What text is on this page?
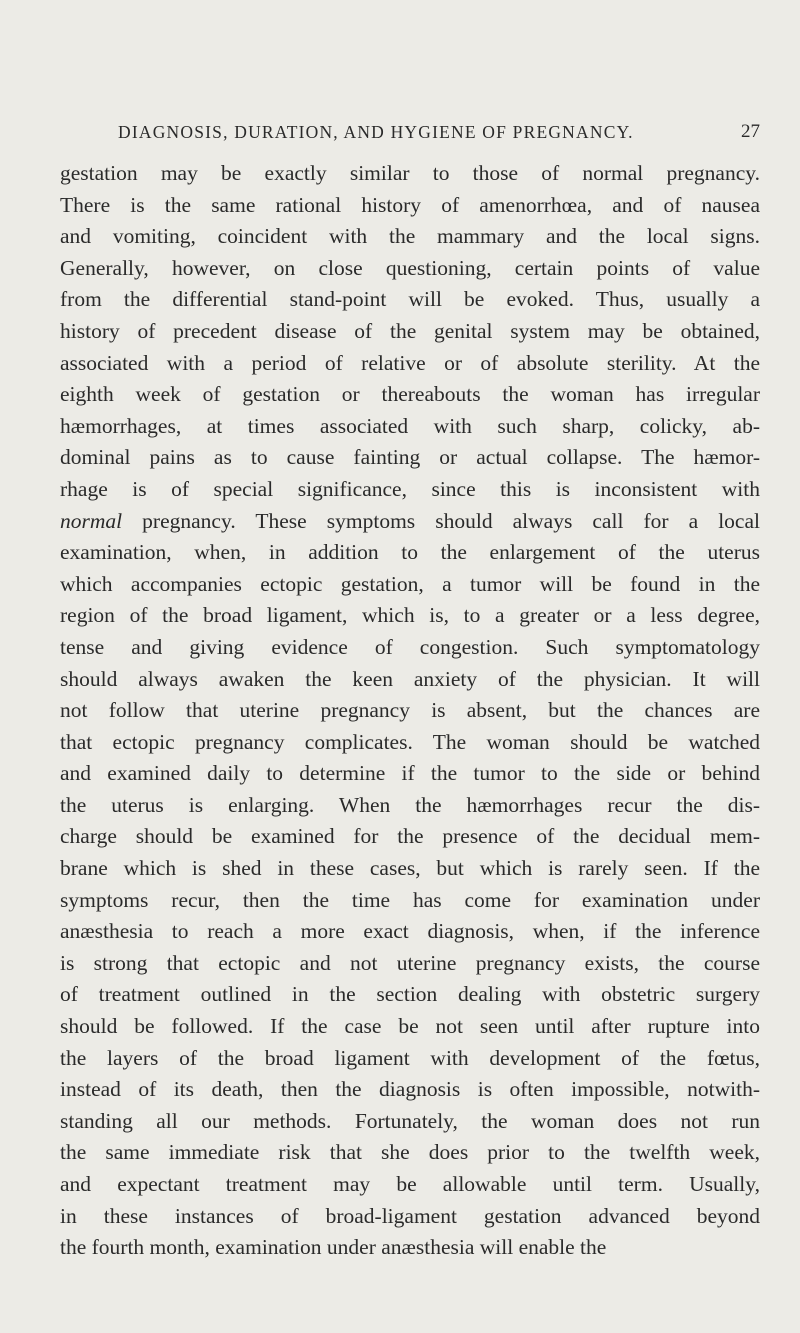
DIAGNOSIS, DURATION, AND HYGIENE OF PREGNANCY.	27
gestation may be exactly similar to those of normal pregnancy.
There is the same rational history of amenorrhœa, and of nausea
and vomiting, coincident with the mammary and the local signs.
Generally, however, on close questioning, certain points of value
from the differential stand-point will be evoked. Thus, usually a
history of precedent disease of the genital system may be obtained,
associated with a period of relative or of absolute sterility. At the
eighth week of gestation or thereabouts the woman has irregular
hæmorrhages, at times associated with such sharp, colicky, ab-
dominal pains as to cause fainting or actual collapse. The hæmor-
rhage is of special significance, since this is inconsistent with
normal pregnancy. These symptoms should always call for a local
examination, when, in addition to the enlargement of the uterus
which accompanies ectopic gestation, a tumor will be found in the
region of the broad ligament, which is, to a greater or a less degree,
tense and giving evidence of congestion. Such symptomatology
should always awaken the keen anxiety of the physician. It will
not follow that uterine pregnancy is absent, but the chances are
that ectopic pregnancy complicates. The woman should be watched
and examined daily to determine if the tumor to the side or behind
the uterus is enlarging. When the hæmorrhages recur the dis-
charge should be examined for the presence of the decidual mem-
brane which is shed in these cases, but which is rarely seen. If the
symptoms recur, then the time has come for examination under
anæsthesia to reach a more exact diagnosis, when, if the inference
is strong that ectopic and not uterine pregnancy exists, the course
of treatment outlined in the section dealing with obstetric surgery
should be followed. If the case be not seen until after rupture into
the layers of the broad ligament with development of the fœtus,
instead of its death, then the diagnosis is often impossible, notwith-
standing all our methods. Fortunately, the woman does not run
the same immediate risk that she does prior to the twelfth week,
and expectant treatment may be allowable until term. Usually,
in these instances of broad-ligament gestation advanced beyond
the fourth month, examination under anæsthesia will enable the
